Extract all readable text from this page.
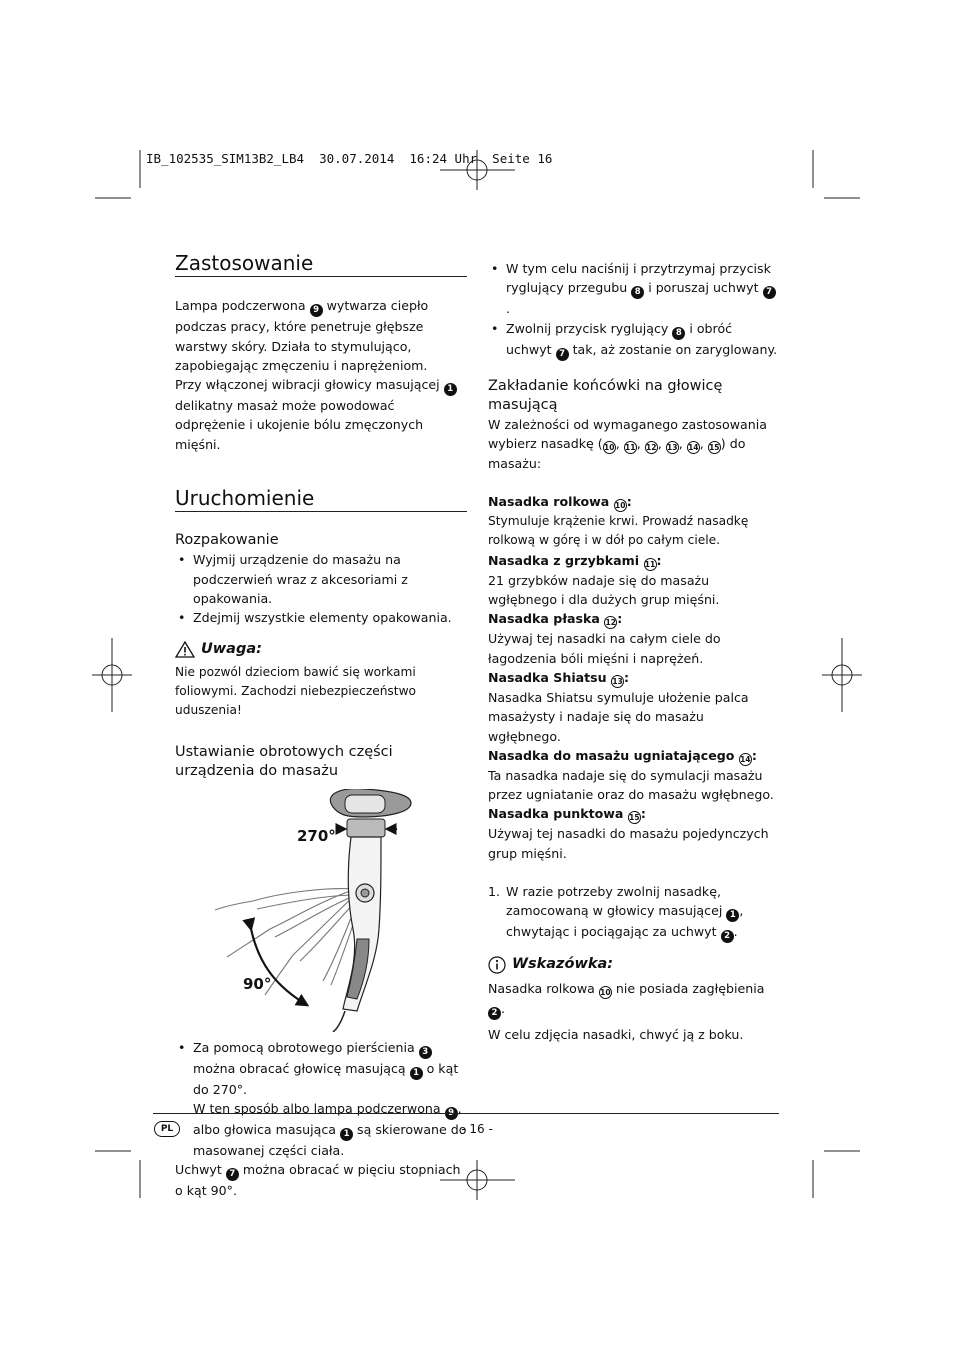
IB_102535_SIM13B2_LB4  30.07.2014  16:24 Uhr  Seite 16
Zastosowanie

Lampa podczerwona 9 wytwarza ciepło podczas pracy, które penetruje głębsze warstwy skóry. Działa to stymulująco, zapobiegając zmęczeniu i naprężeniom.

Przy włączonej wibracji głowicy masującej 1 delikatny masaż może powodować odprężenie i ukojenie bólu zmęczonych mięśni.

Uruchomienie
Rozpakowanie
• Wyjmij urządzenie do masażu na podczerwień wraz z akcesoriami z opakowania.
• Zdejmij wszystkie elementy opakowania.
Uwaga:

Nie pozwól dzieciom bawić się workami foliowymi. Zachodzi niebezpieczeństwo uduszenia!

Ustawianie obrotowych części urządzenia do masażu
270°
90°
• Za pomocą obrotowego pierścienia 3 można obracać głowicę masującą 1 o kąt do 270°.
W ten sposób albo lampa podczerwona 9 , albo głowica masująca 1 są skierowane do masowanej części ciała.

Uchwyt 7 można obracać w pięciu stopniach o kąt 90°.

• W tym celu naciśnij i przytrzymaj przycisk ryglujący przegubu 8 i poruszaj uchwyt 7.
• Zwolnij przycisk ryglujący 8 i obróć uchwyt 7 tak, aż zostanie on zaryglowany.
Zakładanie końcówki na głowicę masującą

W zależności od wymaganego zastosowania wybierz nasadkę (10, 11, 12, 13, 14, 15) do masażu:

Nasadka rolkowa 10:

Stymuluje krążenie krwi. Prowadź nasadkę rolkową w górę i w dół po całym ciele.

Nasadka z grzybkami 11:

21 grzybków nadaje się do masażu wgłębnego i dla dużych grup mięśni.

Nasadka płaska 12:

Używaj tej nasadki na całym ciele do łagodzenia bóli mięśni i naprężeń.

Nasadka Shiatsu 13:

Nasadka Shiatsu symuluje ułożenie palca masażysty i nadaje się do masażu wgłębnego.

Nasadka do masażu ugniatającego 14:

Ta nasadka nadaje się do symulacji masażu przez ugniatanie oraz do masażu wgłębnego.

Nasadka punktowa 15:

Używaj tej nasadki do masażu pojedynczych grup mięśni.

1. W razie potrzeby zwolnij nasadkę, zamocowaną w głowicy masującej 1 , chwytając i pociągając za uchwyt 2 .
Wskazówka:

Nasadka rolkowa 10 nie posiada zagłębienia 2 .

W celu zdjęcia nasadki, chwyć ją z boku.

PL	- 16 -
